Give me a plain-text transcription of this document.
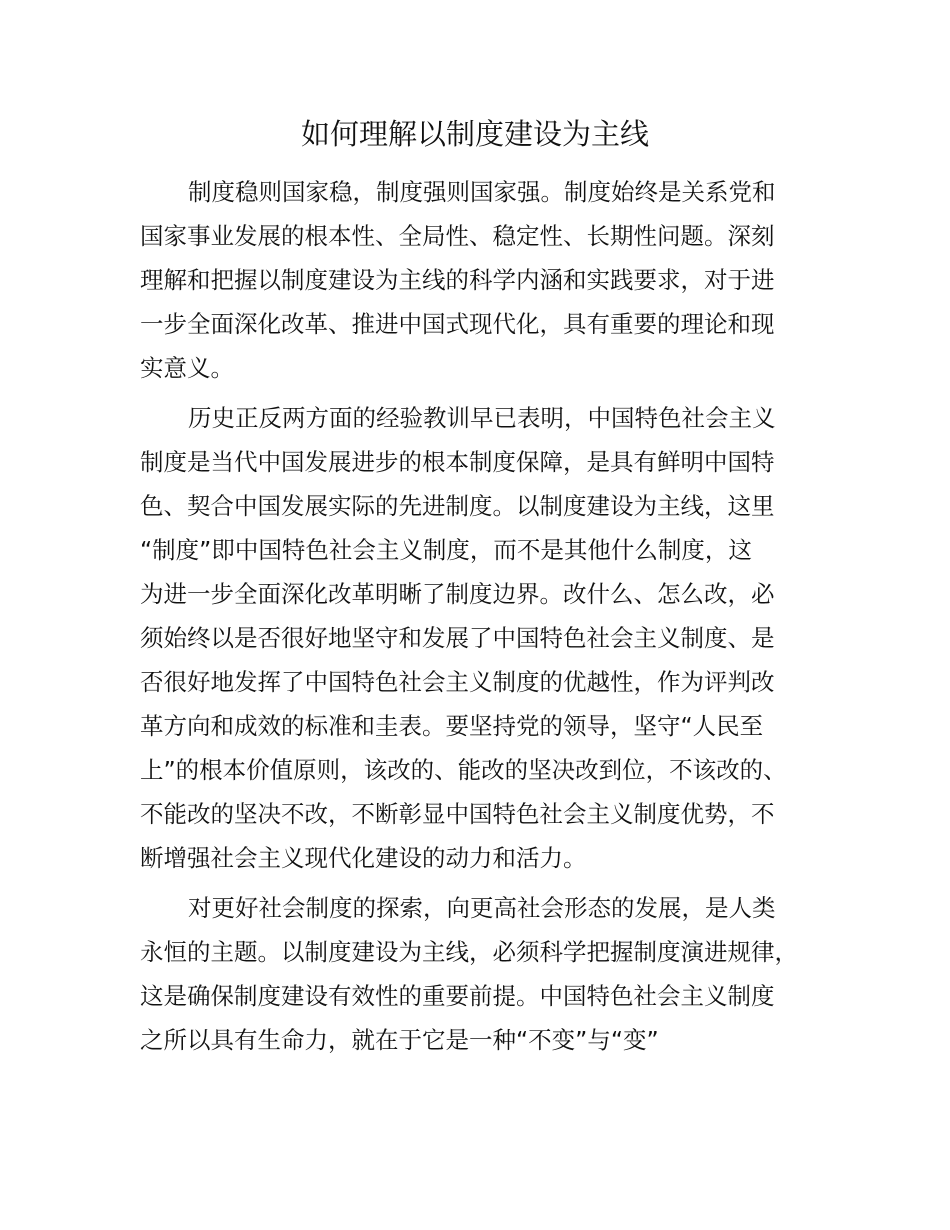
如何理解以制度建设为主线
制度稳则国家稳，制度强则国家强。制度始终是关系党和
国家事业发展的根本性、全局性、稳定性、长期性问题。深刻
理解和把握以制度建设为主线的科学内涵和实践要求，对于进
一步全面深化改革、推进中国式现代化，具有重要的理论和现
实意义。
历史正反两方面的经验教训早已表明，中国特色社会主义
制度是当代中国发展进步的根本制度保障，是具有鲜明中国特
色、契合中国发展实际的先进制度。以制度建设为主线，这里
“制度”即中国特色社会主义制度，而不是其他什么制度，这
为进一步全面深化改革明晰了制度边界。改什么、怎么改，必
须始终以是否很好地坚守和发展了中国特色社会主义制度、是
否很好地发挥了中国特色社会主义制度的优越性，作为评判改
革方向和成效的标准和圭表。要坚持党的领导，坚守“人民至
上”的根本价值原则，该改的、能改的坚决改到位，不该改的、
不能改的坚决不改，不断彰显中国特色社会主义制度优势，不
断增强社会主义现代化建设的动力和活力。
对更好社会制度的探索，向更高社会形态的发展，是人类
永恒的主题。以制度建设为主线，必须科学把握制度演进规律，
这是确保制度建设有效性的重要前提。中国特色社会主义制度
之所以具有生命力，就在于它是一种“不变”与“变”
